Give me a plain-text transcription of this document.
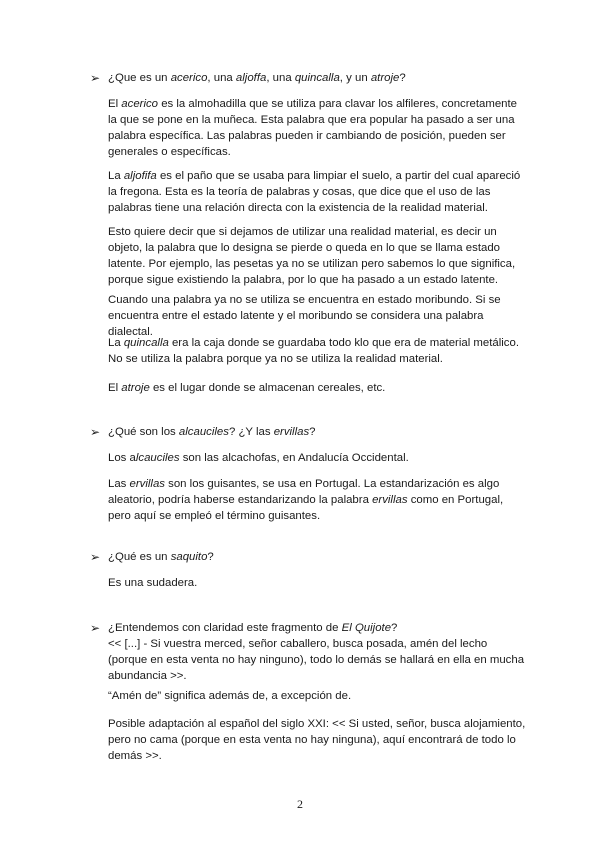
➢ ¿Que es un acerico, una aljoffa, una quincalla, y un atroje?
El acerico es la almohadilla que se utiliza para clavar los alfileres, concretamente la que se pone en la muñeca. Esta palabra que era popular ha pasado a ser una palabra específica. Las palabras pueden ir cambiando de posición, pueden ser generales o específicas.
La aljofifa es el paño que se usaba para limpiar el suelo, a partir del cual apareció la fregona. Esta es la teoría de palabras y cosas, que dice que el uso de las palabras tiene una relación directa con la existencia de la realidad material.
Esto quiere decir que si dejamos de utilizar una realidad material, es decir un objeto, la palabra que lo designa se pierde o queda en lo que se llama estado latente. Por ejemplo, las pesetas ya no se utilizan pero sabemos lo que significa, porque sigue existiendo la palabra, por lo que ha pasado a un estado latente.
Cuando una palabra ya no se utiliza se encuentra en estado moribundo. Si se encuentra entre el estado latente y el moribundo se considera una palabra dialectal.
La quincalla era la caja donde se guardaba todo klo que era de material metálico. No se utiliza la palabra porque ya no se utiliza la realidad material.
El atroje es el lugar donde se almacenan cereales, etc.
➢ ¿Qué son los alcauciles? ¿Y las ervillas?
Los alcauciles son las alcachofas, en Andalucía Occidental.
Las ervillas son los guisantes, se usa en Portugal. La estandarización es algo aleatorio, podría haberse estandarizando la palabra ervillas como en Portugal, pero aquí se empleó el término guisantes.
➢ ¿Qué es un saquito?
Es una sudadera.
➢ ¿Entendemos con claridad este fragmento de El Quijote?
<< [...] - Si vuestra merced, señor caballero, busca posada, amén del lecho (porque en esta venta no hay ninguno), todo lo demás se hallará en ella en mucha abundancia >>.
“Amén de” significa además de, a excepción de.
Posible adaptación al español del siglo XXI: << Si usted, señor, busca alojamiento, pero no cama (porque en esta venta no hay ninguna), aquí encontrará de todo lo demás >>.
2
